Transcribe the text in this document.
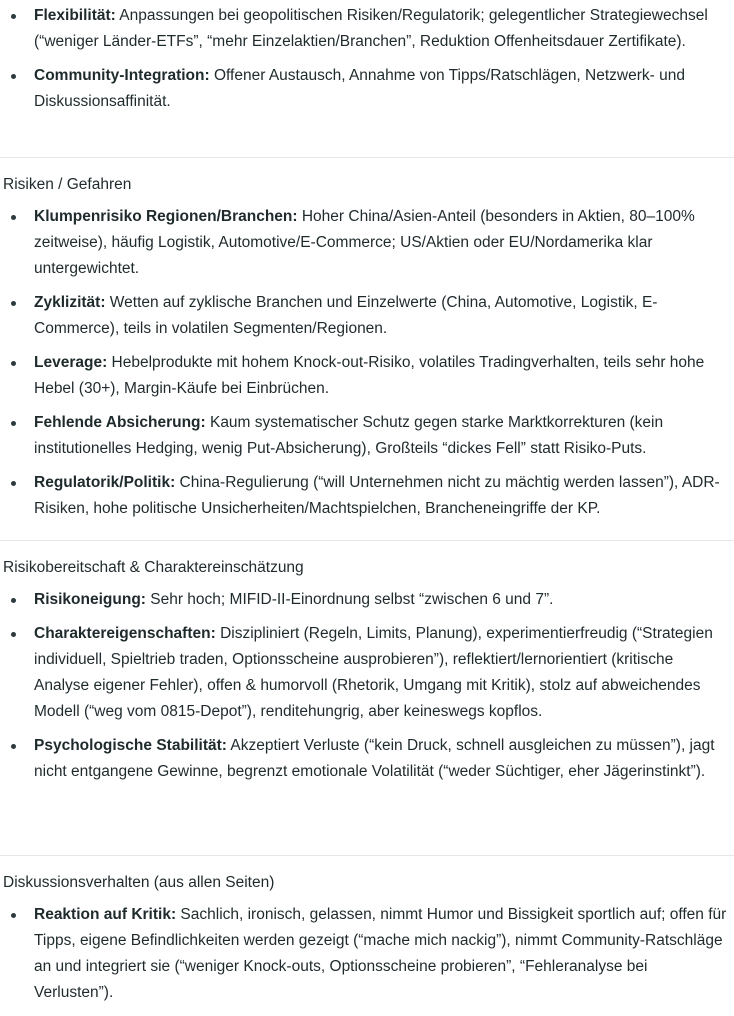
Flexibilität: Anpassungen bei geopolitischen Risiken/Regulatorik; gelegentlicher Strategiewechsel (“weniger Länder-ETFs”, “mehr Einzelaktien/Branchen”, Reduktion Offenheitsdauer Zertifikate).
Community-Integration: Offener Austausch, Annahme von Tipps/Ratschlägen, Netzwerk- und Diskussionsaffinität.
Risiken / Gefahren
Klumpenrisiko Regionen/Branchen: Hoher China/Asien-Anteil (besonders in Aktien, 80–100% zeitweise), häufig Logistik, Automotive/E-Commerce; US/Aktien oder EU/Nordamerika klar untergewichtet.
Zyklizität: Wetten auf zyklische Branchen und Einzelwerte (China, Automotive, Logistik, E-Commerce), teils in volatilen Segmenten/Regionen.
Leverage: Hebelprodukte mit hohem Knock-out-Risiko, volatiles Tradingverhalten, teils sehr hohe Hebel (30+), Margin-Käufe bei Einbrüchen.
Fehlende Absicherung: Kaum systematischer Schutz gegen starke Marktkorrekturen (kein institutionelles Hedging, wenig Put-Absicherung), Großteils “dickes Fell” statt Risiko-Puts.
Regulatorik/Politik: China-Regulierung (“will Unternehmen nicht zu mächtig werden lassen”), ADR-Risiken, hohe politische Unsicherheiten/Machtspielchen, Brancheneingriffe der KP.
Risikobereitschaft & Charaktereinschätzung
Risikoneigung: Sehr hoch; MIFID-II-Einordnung selbst “zwischen 6 und 7”.
Charaktereigenschaften: Diszipliniert (Regeln, Limits, Planung), experimentierfreudig (“Strategien individuell, Spieltrieb traden, Optionsscheine ausprobieren”), reflektiert/lernorientiert (kritische Analyse eigener Fehler), offen & humorvoll (Rhetorik, Umgang mit Kritik), stolz auf abweichendes Modell (“weg vom 0815-Depot”), renditehungrig, aber keineswegs kopflos.
Psychologische Stabilität: Akzeptiert Verluste (“kein Druck, schnell ausgleichen zu müssen”), jagt nicht entgangene Gewinne, begrenzt emotionale Volatilität (“weder Süchtiger, eher Jägerinstinkt”).
Diskussionsverhalten (aus allen Seiten)
Reaktion auf Kritik: Sachlich, ironisch, gelassen, nimmt Humor und Bissigkeit sportlich auf; offen für Tipps, eigene Befindlichkeiten werden gezeigt (“mache mich nackig”), nimmt Community-Ratschläge an und integriert sie (“weniger Knock-outs, Optionsscheine probieren”, “Fehleranalyse bei Verlusten”).
